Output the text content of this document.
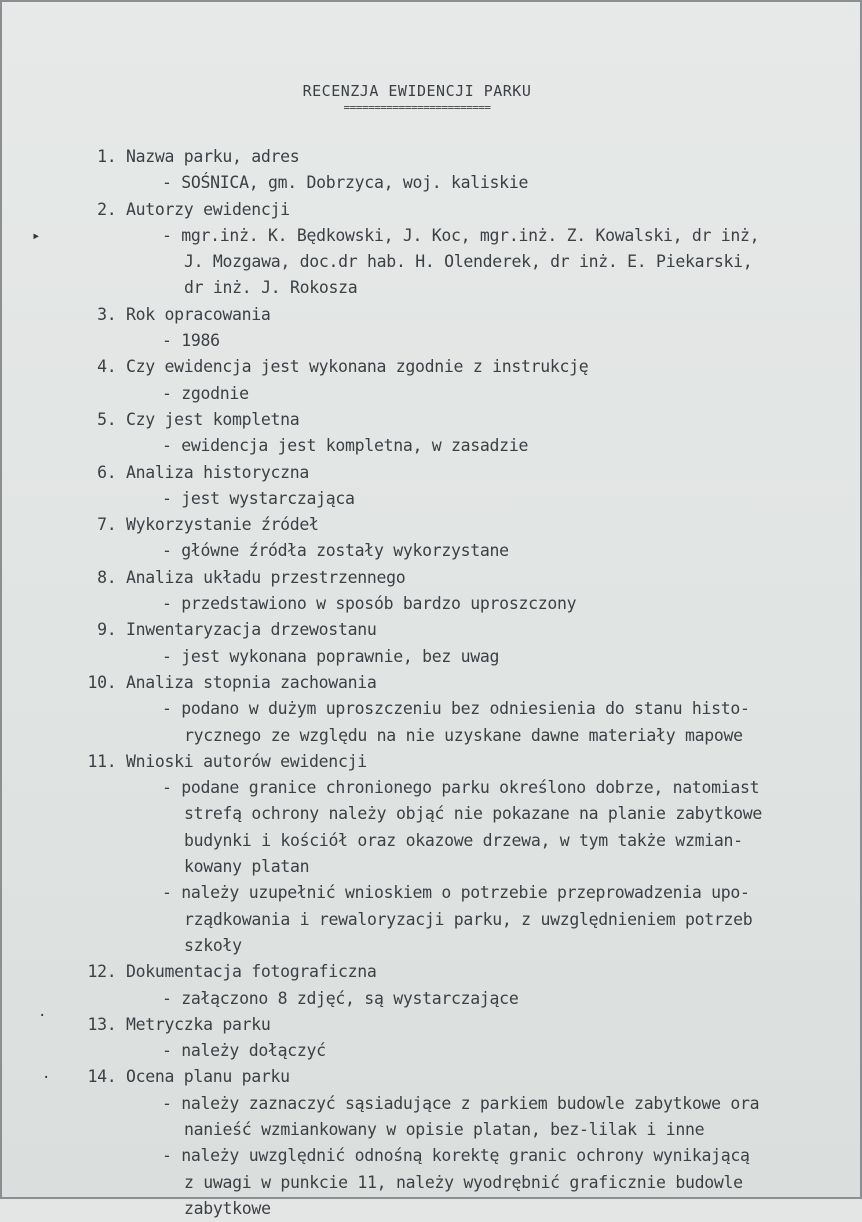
RECENZJA EWIDENCJI PARKU
========================
1. Nazwa parku, adres
- SOŚNICA, gm. Dobrzyca, woj. kaliskie
2. Autorzy ewidencji
- mgr.inż. K. Będkowski, J. Koc, mgr.inż. Z. Kowalski, dr inż,
J. Mozgawa, doc.dr hab. H. Olenderek, dr inż. E. Piekarski,
dr inż. J. Rokosza
3. Rok opracowania
- 1986
4. Czy ewidencja jest wykonana zgodnie z instrukcję
- zgodnie
5. Czy jest kompletna
- ewidencja jest kompletna, w zasadzie
6. Analiza historyczna
- jest wystarczająca
7. Wykorzystanie źródeł
- główne źródła zostały wykorzystane
8. Analiza układu przestrzennego
- przedstawiono w sposób bardzo uproszczony
9. Inwentaryzacja drzewostanu
- jest wykonana poprawnie, bez uwag
10. Analiza stopnia zachowania
- podano w dużym uproszczeniu bez odniesienia do stanu histo-
rycznego ze względu na nie uzyskane dawne materiały mapowe
11. Wnioski autorów ewidencji
- podane granice chronionego parku określono dobrze, natomiast
strefą ochrony należy objąć nie pokazane na planie zabytkowe
budynki i kościół oraz okazowe drzewa, w tym także wzmian-
kowany platan
- należy uzupełnić wnioskiem o potrzebie przeprowadzenia upo-
rządkowania i rewaloryzacji parku, z uwzględnieniem potrzeb
szkoły
12. Dokumentacja fotograficzna
- załączono 8 zdjęć, są wystarczające
13. Metryczka parku
- należy dołączyć
14. Ocena planu parku
- należy zaznaczyć sąsiadujące z parkiem budowle zabytkowe ora
nanieść wzmiankowany w opisie platan, bez-lilak i inne
- należy uwzględnić odnośną korektę granic ochrony wynikającą
z uwagi w punkcie 11, należy wyodrębnić graficznie budowle
zabytkowe
▸
·
·
